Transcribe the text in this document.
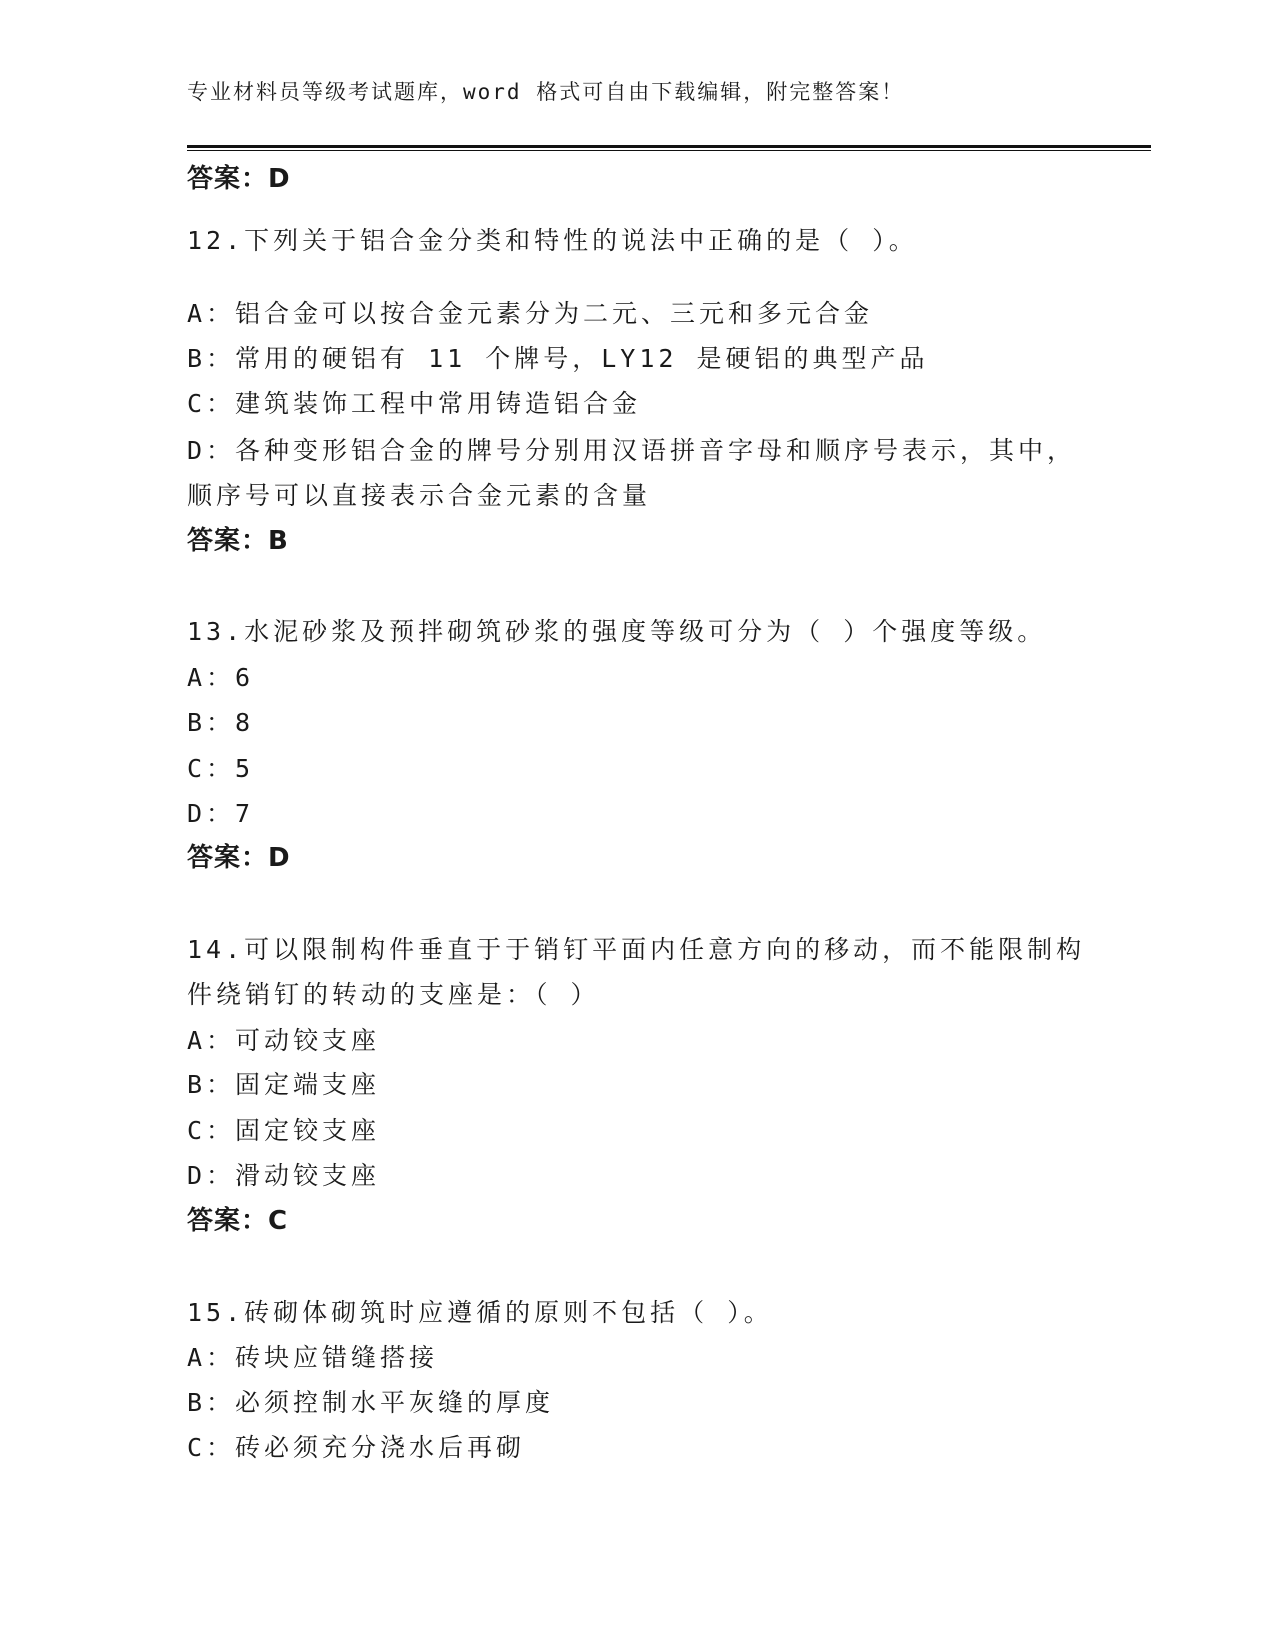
专业材料员等级考试题库，word 格式可自由下载编辑，附完整答案！
答案：D
12.下列关于铝合金分类和特性的说法中正确的是（ ）。
A：铝合金可以按合金元素分为二元、三元和多元合金
B：常用的硬铝有 11 个牌号，LY12 是硬铝的典型产品
C：建筑装饰工程中常用铸造铝合金
D：各种变形铝合金的牌号分别用汉语拼音字母和顺序号表示，其中，
顺序号可以直接表示合金元素的含量
答案：B
13.水泥砂浆及预拌砌筑砂浆的强度等级可分为（ ）个强度等级。
A：6
B：8
C：5
D：7
答案：D
14.可以限制构件垂直于于销钉平面内任意方向的移动，而不能限制构
件绕销钉的转动的支座是：（ ）
A：可动铰支座
B：固定端支座
C：固定铰支座
D：滑动铰支座
答案：C
15.砖砌体砌筑时应遵循的原则不包括（ ）。
A：砖块应错缝搭接
B：必须控制水平灰缝的厚度
C：砖必须充分浇水后再砌
